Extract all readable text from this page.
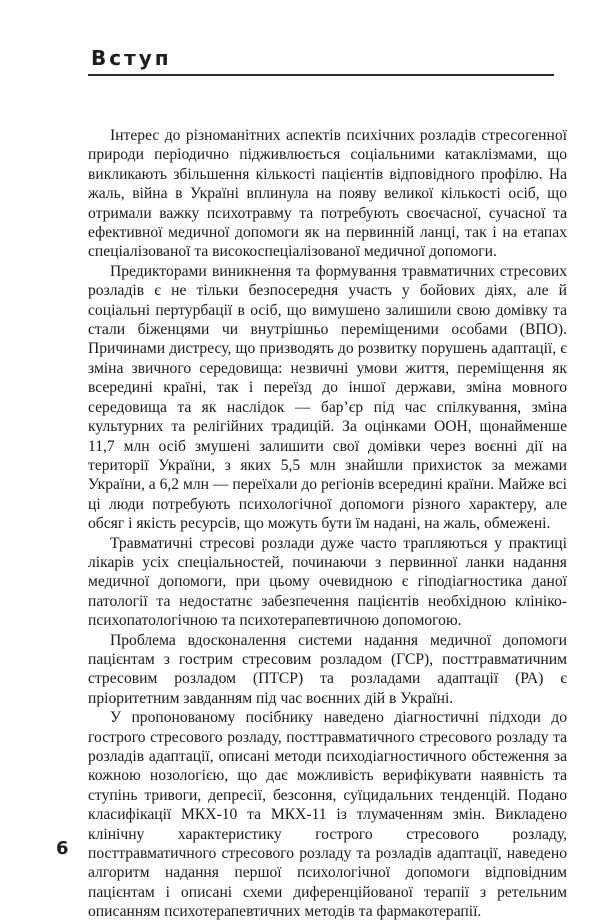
Вступ

Інтерес до різноманітних аспектів психічних розладів стресогенної природи періодично підживлюється соціальними катаклізмами, що викликають збільшення кількості пацієнтів відповідного профілю. На жаль, війна в Україні вплинула на появу великої кількості осіб, що отримали важку психотравму та потребують своєчасної, сучасної та ефективної медичної допомоги як на первинній ланці, так і на етапах спеціалізованої та високоспеціалізованої медичної допомоги.

Предикторами виникнення та формування травматичних стресових розладів є не тільки безпосередня участь у бойових діях, але й соціальні пертурбації в осіб, що вимушено залишили свою домівку та стали біженцями чи внутрішньо переміщеними особами (ВПО). Причинами дистресу, що призводять до розвитку порушень адаптації, є зміна звичного середовища: незвичні умови життя, переміщення як всередині країні, так і переїзд до іншої держави, зміна мовного середовища та як наслідок — бар’єр під час спілкування, зміна культурних та релігійних традицій. За оцінками ООН, щонайменше 11,7 млн осіб змушені залишити свої домівки через воєнні дії на території України, з яких 5,5 млн знайшли прихисток за межами України, а 6,2 млн — переїхали до регіонів всередині країни. Майже всі ці люди потребують психологічної допомоги різного характеру, але обсяг і якість ресурсів, що можуть бути їм надані, на жаль, обмежені.

Травматичні стресові розлади дуже часто трапляються у практиці лікарів усіх спеціальностей, починаючи з первинної ланки надання медичної допомоги, при цьому очевидною є гіподіагностика даної патології та недостатнє забезпечення пацієнтів необхідною клініко-психопатологічною та психотерапевтичною допомогою.

Проблема вдосконалення системи надання медичної допомоги пацієнтам з гострим стресовим розладом (ГСР), посттравматичним стресовим розладом (ПТСР) та розладами адаптації (РА) є пріоритетним завданням під час воєнних дій в Україні.

У пропонованому посібнику наведено діагностичні підходи до гострого стресового розладу, посттравматичного стресового розладу та розладів адаптації, описані методи психодіагностичного обстеження за кожною нозологією, що дає можливість верифікувати наявність та ступінь тривоги, депресії, безсоння, суїцидальних тенденцій. Подано класифікації МКХ-10 та МКХ-11 із тлумаченням змін. Викладено клінічну характеристику гострого стресового розладу, посттравматичного стресового розладу та розладів адаптації, наведено алгоритм надання першої психологічної допомоги відповідним пацієнтам і описані схеми диференційованої терапії з ретельним описанням психотерапевтичних методів та фармакотерапії.

6
